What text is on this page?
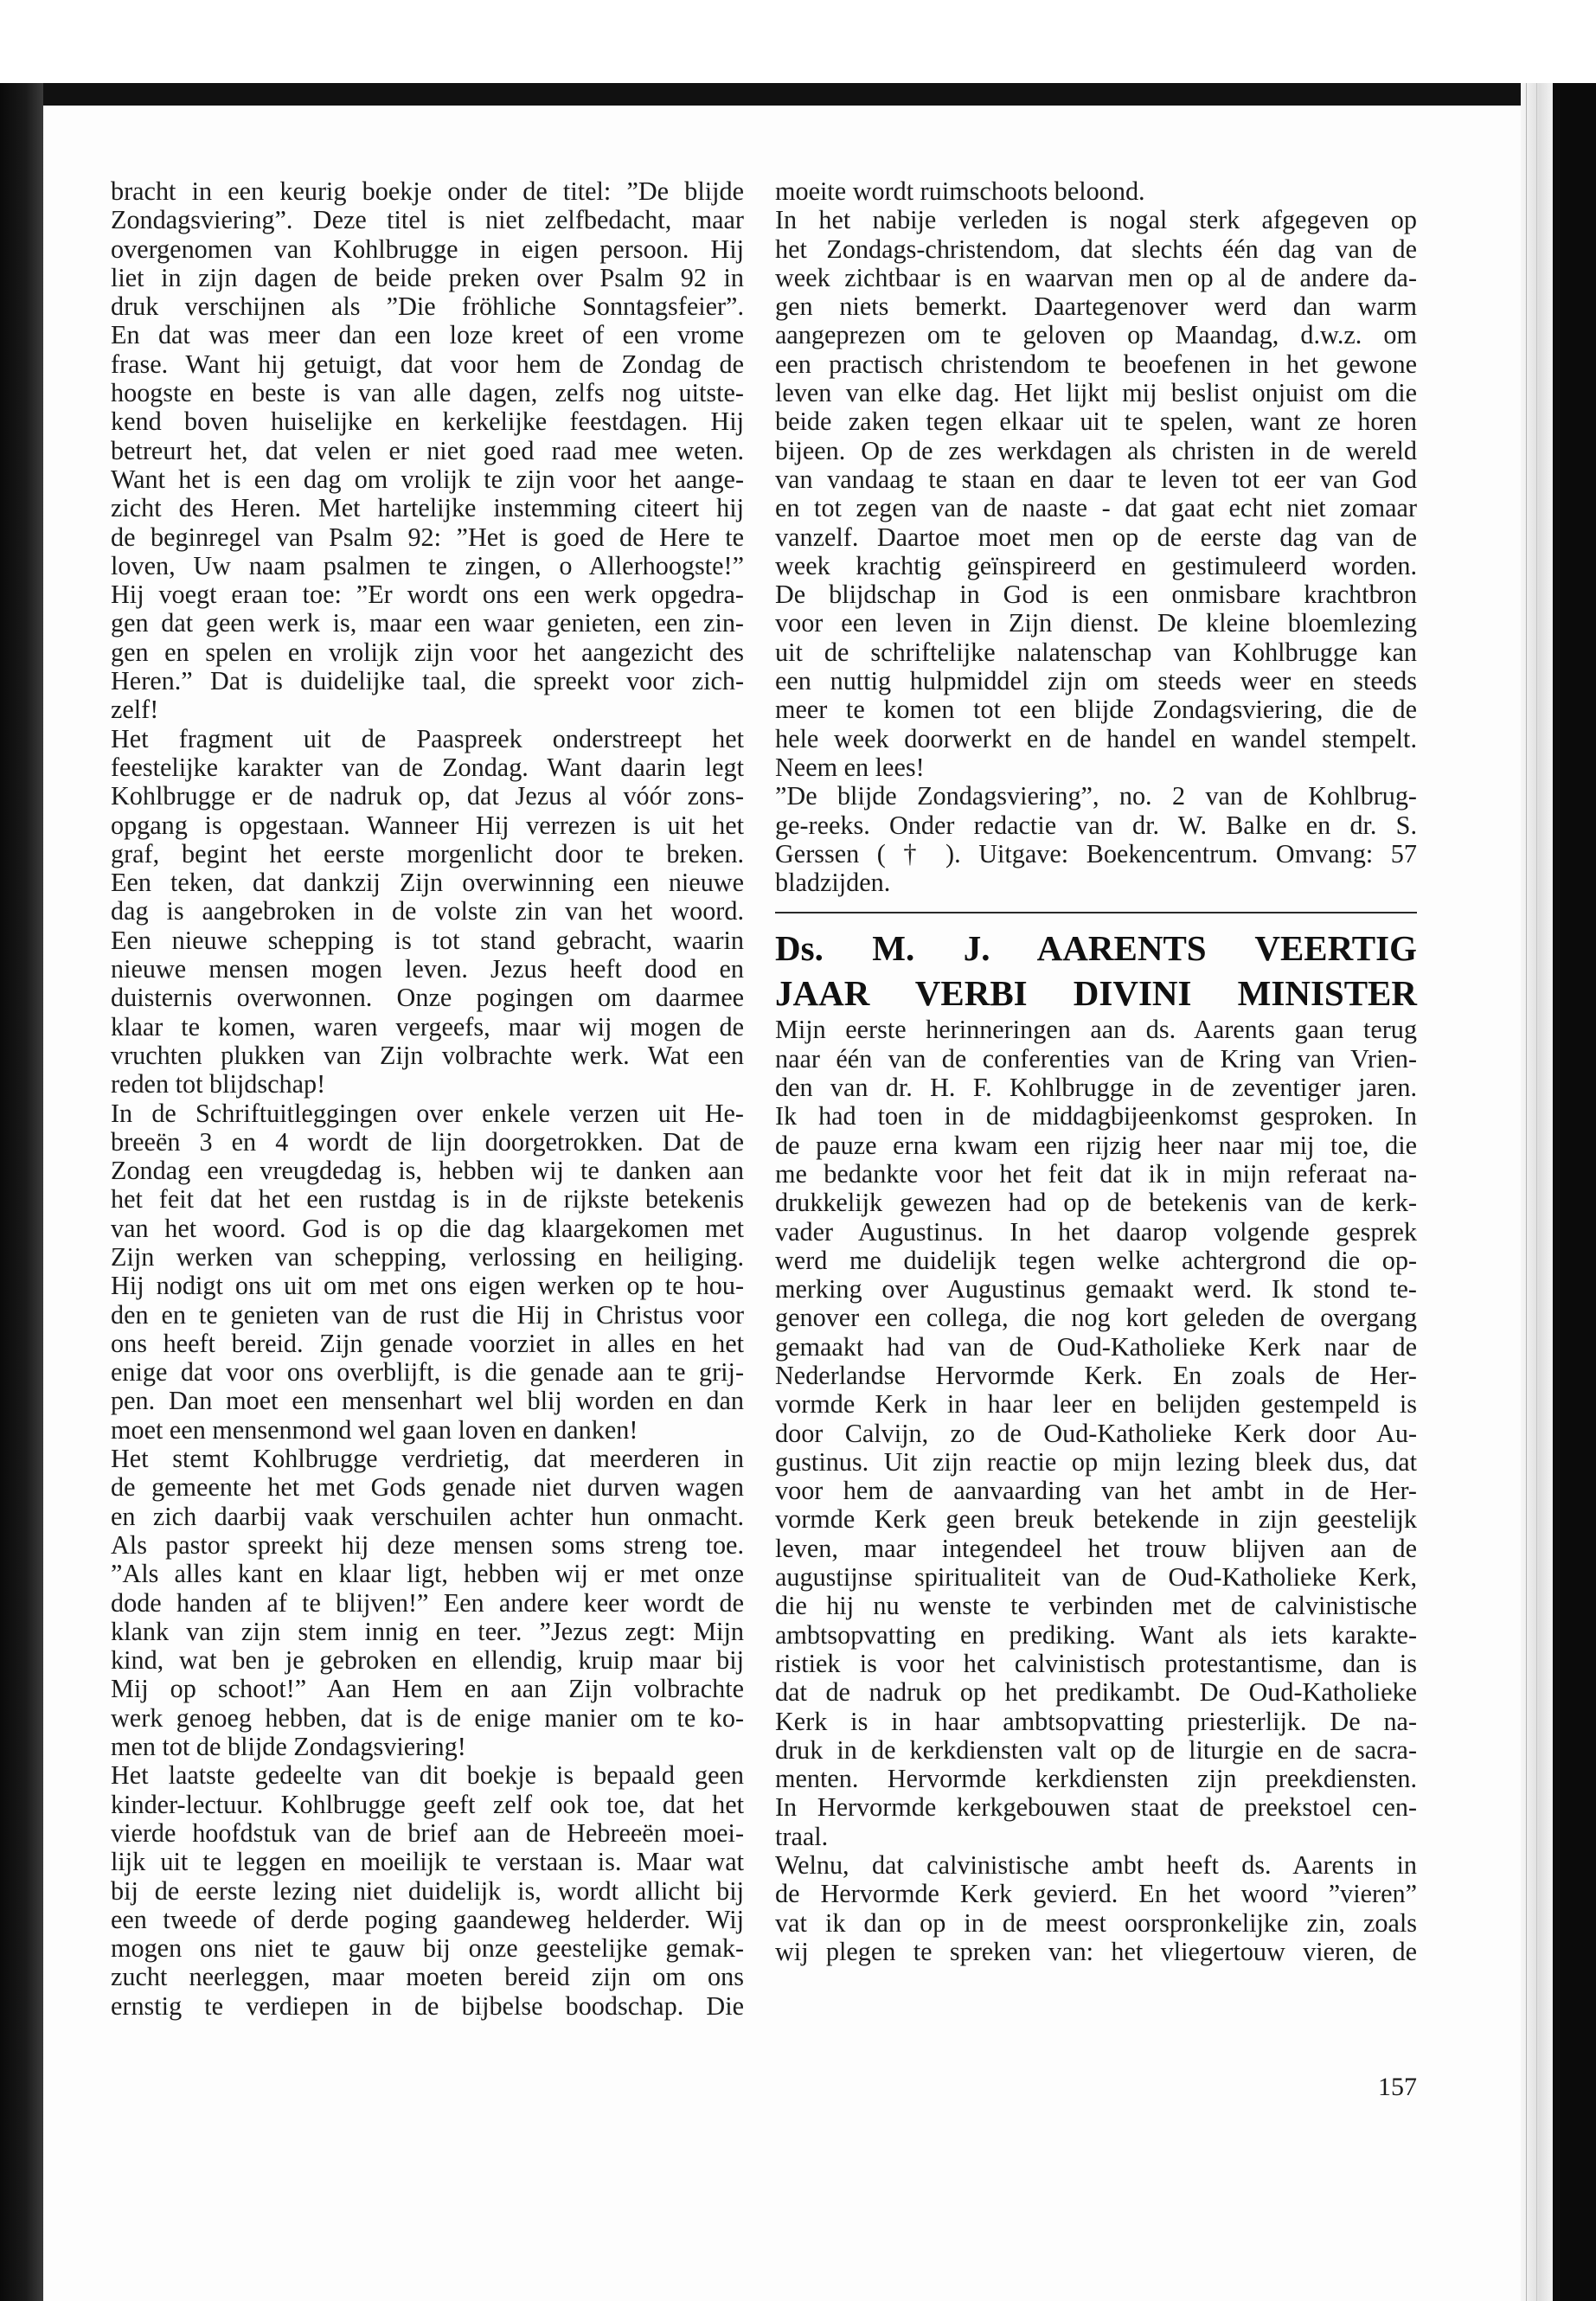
bracht in een keurig boekje onder de titel: ”De blijde
Zondagsviering”. Deze titel is niet zelfbedacht, maar
overgenomen van Kohlbrugge in eigen persoon. Hij
liet in zijn dagen de beide preken over Psalm 92 in
druk verschijnen als ”Die fröhliche Sonntagsfeier”.
En dat was meer dan een loze kreet of een vrome
frase. Want hij getuigt, dat voor hem de Zondag de
hoogste en beste is van alle dagen, zelfs nog uitste-
kend boven huiselijke en kerkelijke feestdagen. Hij
betreurt het, dat velen er niet goed raad mee weten.
Want het is een dag om vrolijk te zijn voor het aange-
zicht des Heren. Met hartelijke instemming citeert hij
de beginregel van Psalm 92: ”Het is goed de Here te
loven, Uw naam psalmen te zingen, o Allerhoogste!”
Hij voegt eraan toe: ”Er wordt ons een werk opgedra-
gen dat geen werk is, maar een waar genieten, een zin-
gen en spelen en vrolijk zijn voor het aangezicht des
Heren.” Dat is duidelijke taal, die spreekt voor zich-
zelf!
Het fragment uit de Paaspreek onderstreept het
feestelijke karakter van de Zondag. Want daarin legt
Kohlbrugge er de nadruk op, dat Jezus al vóór zons-
opgang is opgestaan. Wanneer Hij verrezen is uit het
graf, begint het eerste morgenlicht door te breken.
Een teken, dat dankzij Zijn overwinning een nieuwe
dag is aangebroken in de volste zin van het woord.
Een nieuwe schepping is tot stand gebracht, waarin
nieuwe mensen mogen leven. Jezus heeft dood en
duisternis overwonnen. Onze pogingen om daarmee
klaar te komen, waren vergeefs, maar wij mogen de
vruchten plukken van Zijn volbrachte werk. Wat een
reden tot blijdschap!
In de Schriftuitleggingen over enkele verzen uit He-
breeën 3 en 4 wordt de lijn doorgetrokken. Dat de
Zondag een vreugdedag is, hebben wij te danken aan
het feit dat het een rustdag is in de rijkste betekenis
van het woord. God is op die dag klaargekomen met
Zijn werken van schepping, verlossing en heiliging.
Hij nodigt ons uit om met ons eigen werken op te hou-
den en te genieten van de rust die Hij in Christus voor
ons heeft bereid. Zijn genade voorziet in alles en het
enige dat voor ons overblijft, is die genade aan te grij-
pen. Dan moet een mensenhart wel blij worden en dan
moet een mensenmond wel gaan loven en danken!
Het stemt Kohlbrugge verdrietig, dat meerderen in
de gemeente het met Gods genade niet durven wagen
en zich daarbij vaak verschuilen achter hun onmacht.
Als pastor spreekt hij deze mensen soms streng toe.
”Als alles kant en klaar ligt, hebben wij er met onze
dode handen af te blijven!” Een andere keer wordt de
klank van zijn stem innig en teer. ”Jezus zegt: Mijn
kind, wat ben je gebroken en ellendig, kruip maar bij
Mij op schoot!” Aan Hem en aan Zijn volbrachte
werk genoeg hebben, dat is de enige manier om te ko-
men tot de blijde Zondagsviering!
Het laatste gedeelte van dit boekje is bepaald geen
kinder-lectuur. Kohlbrugge geeft zelf ook toe, dat het
vierde hoofdstuk van de brief aan de Hebreeën moei-
lijk uit te leggen en moeilijk te verstaan is. Maar wat
bij de eerste lezing niet duidelijk is, wordt allicht bij
een tweede of derde poging gaandeweg helderder. Wij
mogen ons niet te gauw bij onze geestelijke gemak-
zucht neerleggen, maar moeten bereid zijn om ons
ernstig te verdiepen in de bijbelse boodschap. Die
moeite wordt ruimschoots beloond.
In het nabije verleden is nogal sterk afgegeven op
het Zondags-christendom, dat slechts één dag van de
week zichtbaar is en waarvan men op al de andere da-
gen niets bemerkt. Daartegenover werd dan warm
aangeprezen om te geloven op Maandag, d.w.z. om
een practisch christendom te beoefenen in het gewone
leven van elke dag. Het lijkt mij beslist onjuist om die
beide zaken tegen elkaar uit te spelen, want ze horen
bijeen. Op de zes werkdagen als christen in de wereld
van vandaag te staan en daar te leven tot eer van God
en tot zegen van de naaste - dat gaat echt niet zomaar
vanzelf. Daartoe moet men op de eerste dag van de
week krachtig geïnspireerd en gestimuleerd worden.
De blijdschap in God is een onmisbare krachtbron
voor een leven in Zijn dienst. De kleine bloemlezing
uit de schriftelijke nalatenschap van Kohlbrugge kan
een nuttig hulpmiddel zijn om steeds weer en steeds
meer te komen tot een blijde Zondagsviering, die de
hele week doorwerkt en de handel en wandel stempelt.
Neem en lees!
”De blijde Zondagsviering”, no. 2 van de Kohlbrug-
ge-reeks. Onder redactie van dr. W. Balke en dr. S.
Gerssen ( † ). Uitgave: Boekencentrum. Omvang: 57
bladzijden.
Ds. M. J. AARENTS VEERTIG
JAAR VERBI DIVINI MINISTER
Mijn eerste herinneringen aan ds. Aarents gaan terug
naar één van de conferenties van de Kring van Vrien-
den van dr. H. F. Kohlbrugge in de zeventiger jaren.
Ik had toen in de middagbijeenkomst gesproken. In
de pauze erna kwam een rijzig heer naar mij toe, die
me bedankte voor het feit dat ik in mijn referaat na-
drukkelijk gewezen had op de betekenis van de kerk-
vader Augustinus. In het daarop volgende gesprek
werd me duidelijk tegen welke achtergrond die op-
merking over Augustinus gemaakt werd. Ik stond te-
genover een collega, die nog kort geleden de overgang
gemaakt had van de Oud-Katholieke Kerk naar de
Nederlandse Hervormde Kerk. En zoals de Her-
vormde Kerk in haar leer en belijden gestempeld is
door Calvijn, zo de Oud-Katholieke Kerk door Au-
gustinus. Uit zijn reactie op mijn lezing bleek dus, dat
voor hem de aanvaarding van het ambt in de Her-
vormde Kerk geen breuk betekende in zijn geestelijk
leven, maar integendeel het trouw blijven aan de
augustijnse spiritualiteit van de Oud-Katholieke Kerk,
die hij nu wenste te verbinden met de calvinistische
ambtsopvatting en prediking. Want als iets karakte-
ristiek is voor het calvinistisch protestantisme, dan is
dat de nadruk op het predikambt. De Oud-Katholieke
Kerk is in haar ambtsopvatting priesterlijk. De na-
druk in de kerkdiensten valt op de liturgie en de sacra-
menten. Hervormde kerkdiensten zijn preekdiensten.
In Hervormde kerkgebouwen staat de preekstoel cen-
traal.
Welnu, dat calvinistische ambt heeft ds. Aarents in
de Hervormde Kerk gevierd. En het woord ”vieren”
vat ik dan op in de meest oorspronkelijke zin, zoals
wij plegen te spreken van: het vliegertouw vieren, de
157
